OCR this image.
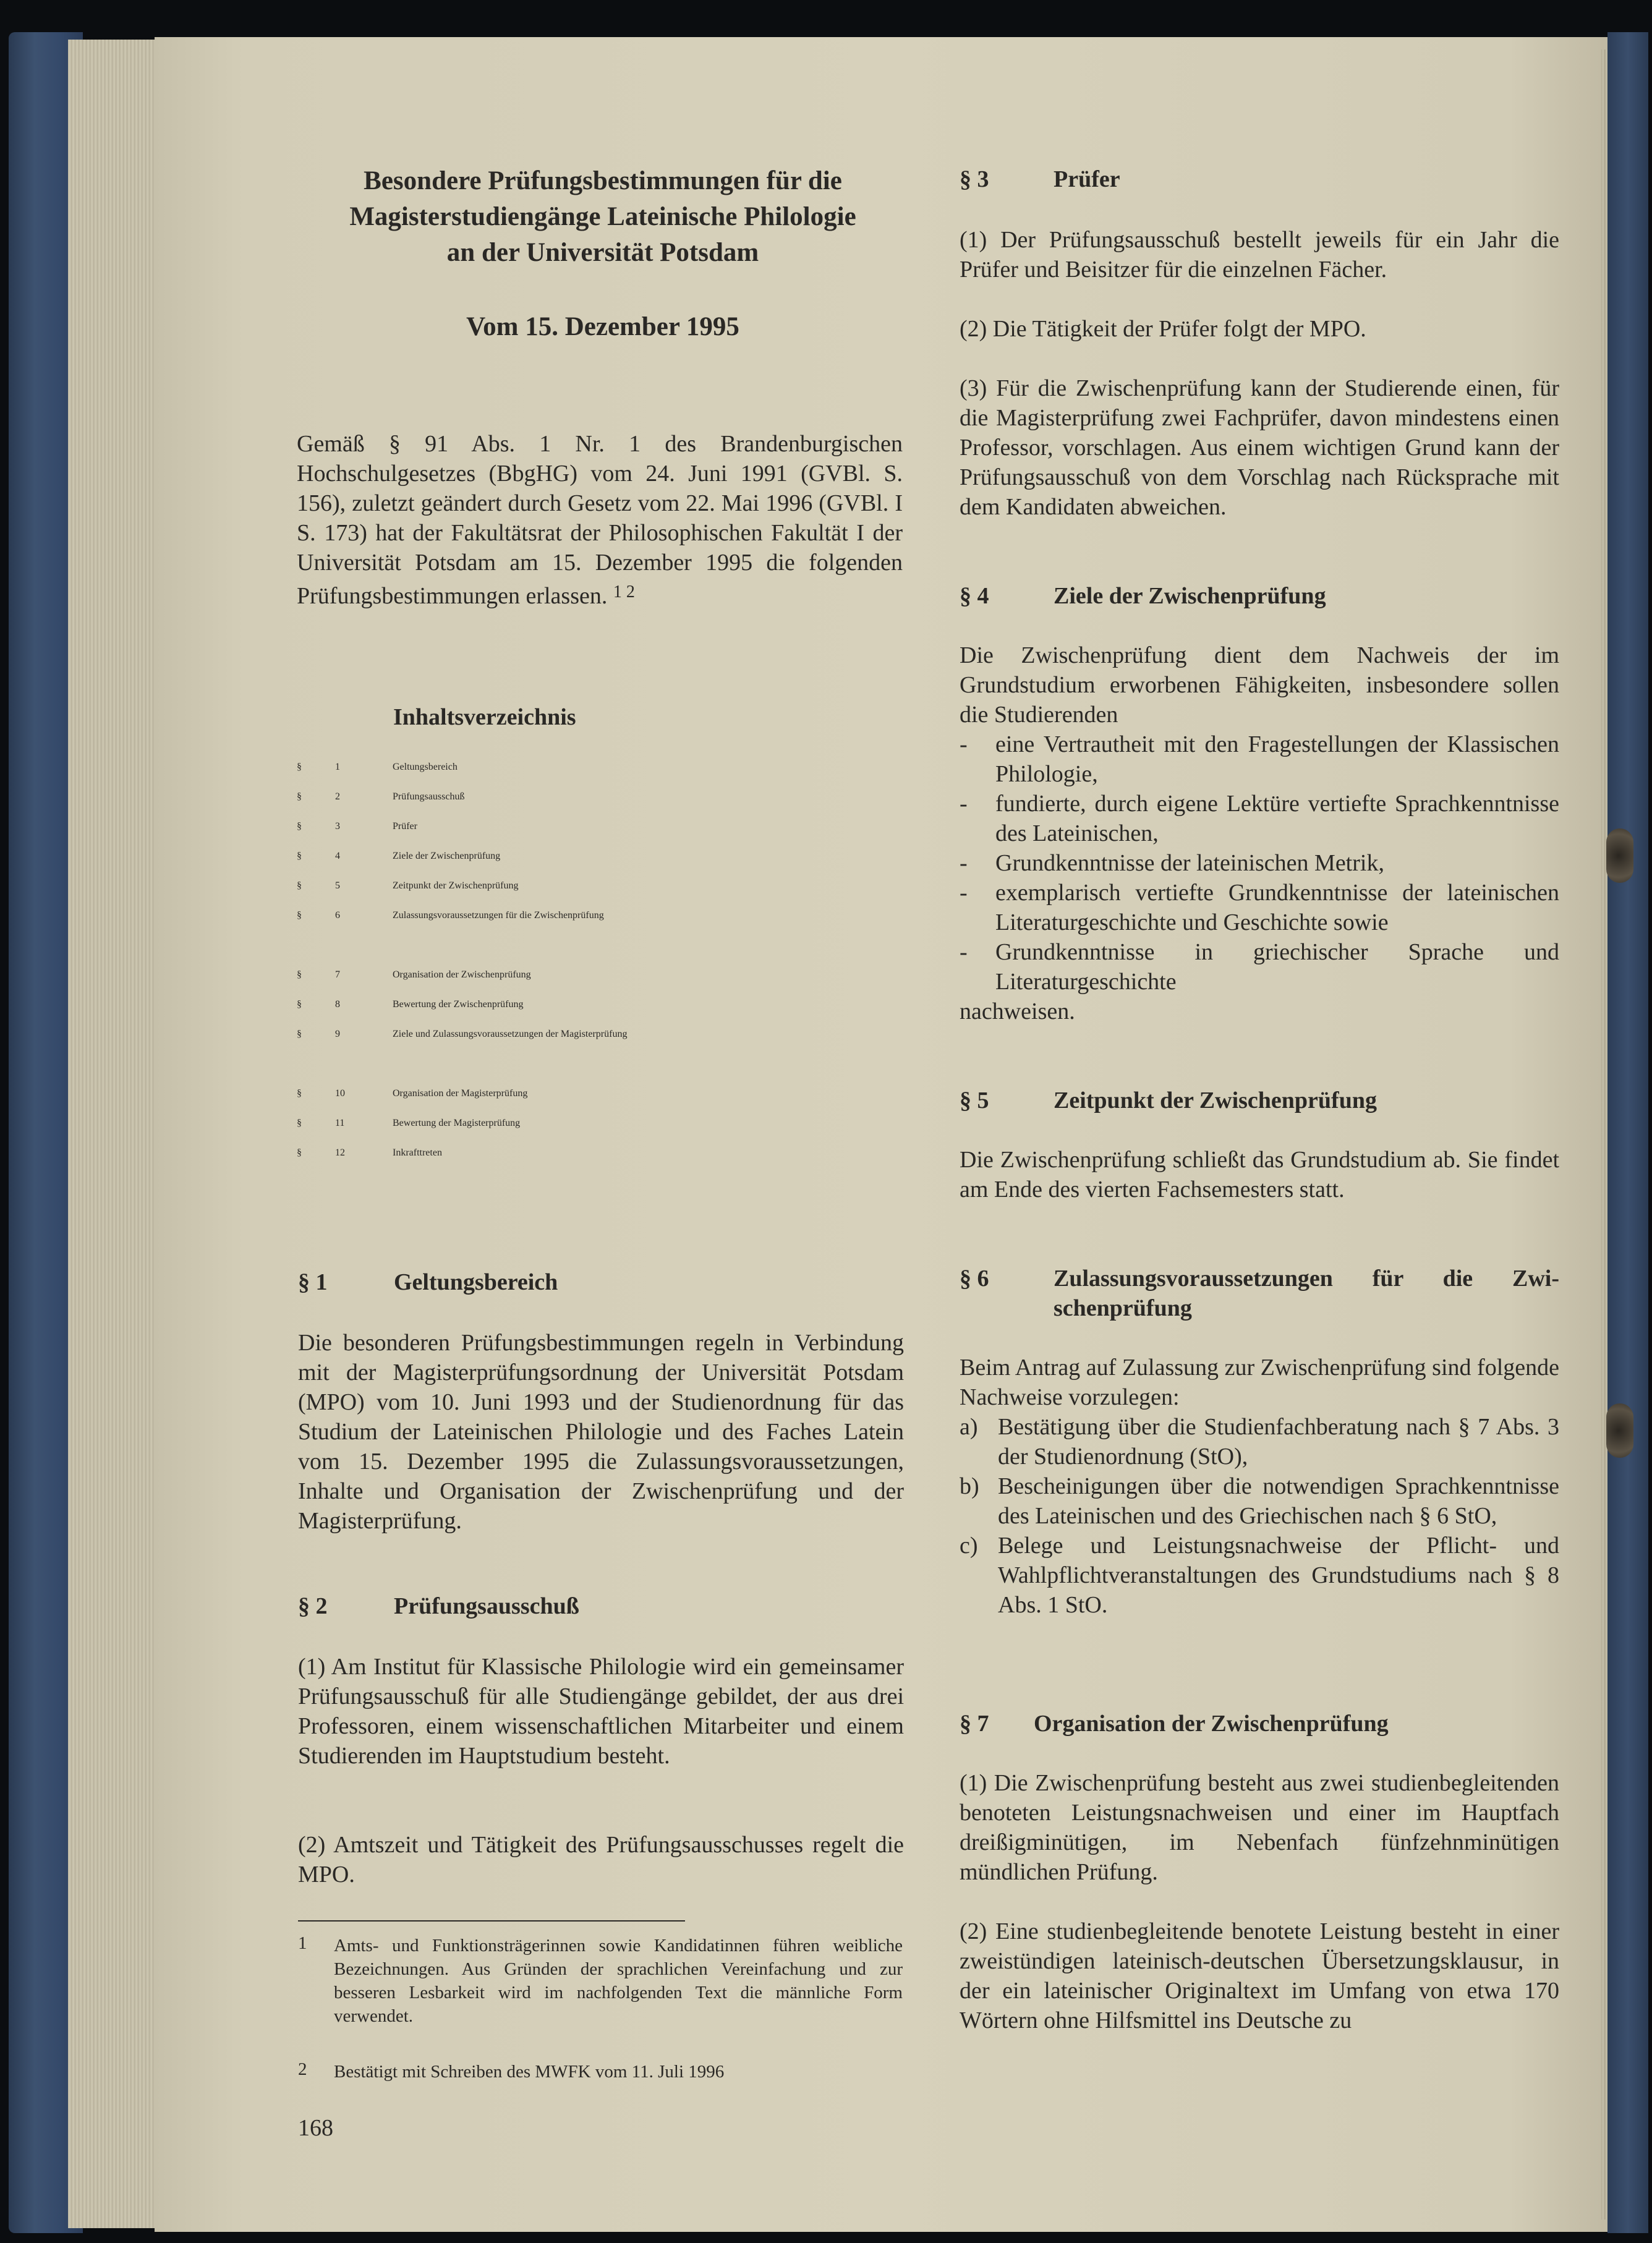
Besondere Prüfungsbestimmungen für die
Magisterstudiengänge Lateinische Philologie
an der Universität Potsdam
Vom 15. Dezember 1995
Gemäß § 91 Abs. 1 Nr. 1 des Brandenburgischen Hochschulgesetzes (BbgHG) vom 24. Juni 1991 (GVBl. S. 156), zuletzt geändert durch Gesetz vom 22. Mai 1996 (GVBl. I S. 173) hat der Fakultätsrat der Philosophischen Fakultät I der Universität Potsdam am 15. Dezember 1995 die folgenden Prüfungsbestimmungen erlassen. $^{1 2}$
Inhaltsverzeichnis
§	1	Geltungsbereich
§	2	Prüfungsausschuß
§	3	Prüfer
§	4	Ziele der Zwischenprüfung
§	5	Zeitpunkt der Zwischenprüfung
§	6	Zulassungsvoraussetzungen für die Zwischenprüfung
§	7	Organisation der Zwischenprüfung
§	8	Bewertung der Zwischenprüfung
§	9	Ziele und Zulassungsvoraussetzungen der Magisterprüfung
§	10	Organisation der Magisterprüfung
§	11	Bewertung der Magisterprüfung
§	12	Inkrafttreten
§ 1	Geltungsbereich
Die besonderen Prüfungsbestimmungen regeln in Verbindung mit der Magisterprüfungsordnung der Universität Potsdam (MPO) vom 10. Juni 1993 und der Studienordnung für das Studium der Lateinischen Philologie und des Faches Latein vom 15. Dezember 1995 die Zulassungsvoraussetzungen, Inhalte und Organisation der Zwischenprüfung und der Magisterprüfung.
§ 2	Prüfungsausschuß
(1) Am Institut für Klassische Philologie wird ein gemeinsamer Prüfungsausschuß für alle Studiengänge gebildet, der aus drei Professoren, einem wissenschaftlichen Mitarbeiter und einem Studierenden im Hauptstudium besteht.
(2) Amtszeit und Tätigkeit des Prüfungsausschusses regelt die MPO.
1 Amts- und Funktionsträgerinnen sowie Kandidatinnen führen weibliche Bezeichnungen. Aus Gründen der sprachlichen Vereinfachung und zur besseren Lesbarkeit wird im nachfolgenden Text die männliche Form verwendet.
2 Bestätigt mit Schreiben des MWFK vom 11. Juli 1996
168
§ 3	Prüfer
(1) Der Prüfungsausschuß bestellt jeweils für ein Jahr die Prüfer und Beisitzer für die einzelnen Fächer.
(2) Die Tätigkeit der Prüfer folgt der MPO.
(3) Für die Zwischenprüfung kann der Studierende einen, für die Magisterprüfung zwei Fachprüfer, davon mindestens einen Professor, vorschlagen. Aus einem wichtigen Grund kann der Prüfungsausschuß von dem Vorschlag nach Rücksprache mit dem Kandidaten abweichen.
§ 4	Ziele der Zwischenprüfung
Die Zwischenprüfung dient dem Nachweis der im Grundstudium erworbenen Fähigkeiten, insbesondere sollen die Studierenden
- eine Vertrautheit mit den Fragestellungen der Klassischen Philologie,
- fundierte, durch eigene Lektüre vertiefte Sprachkenntnisse des Lateinischen,
- Grundkenntnisse der lateinischen Metrik,
- exemplarisch vertiefte Grundkenntnisse der lateinischen Literaturgeschichte und Geschichte sowie
- Grundkenntnisse in griechischer Sprache und Literaturgeschichte
nachweisen.
§ 5	Zeitpunkt der Zwischenprüfung
Die Zwischenprüfung schließt das Grundstudium ab. Sie findet am Ende des vierten Fachsemesters statt.
§ 6	Zulassungsvoraussetzungen für die Zwi-
schenprüfung
Beim Antrag auf Zulassung zur Zwischenprüfung sind folgende Nachweise vorzulegen:
a) Bestätigung über die Studienfachberatung nach § 7 Abs. 3 der Studienordnung (StO),
b) Bescheinigungen über die notwendigen Sprachkenntnisse des Lateinischen und des Griechischen nach § 6 StO,
c) Belege und Leistungsnachweise der Pflicht- und Wahlpflichtveranstaltungen des Grundstudiums nach § 8 Abs. 1 StO.
§ 7 Organisation der Zwischenprüfung
(1) Die Zwischenprüfung besteht aus zwei studienbegleitenden benoteten Leistungsnachweisen und einer im Hauptfach dreißigminütigen, im Nebenfach fünfzehnminütigen mündlichen Prüfung.
(2) Eine studienbegleitende benotete Leistung besteht in einer zweistündigen lateinisch-deutschen Übersetzungsklausur, in der ein lateinischer Originaltext im Umfang von etwa 170 Wörtern ohne Hilfsmittel ins Deutsche zu
